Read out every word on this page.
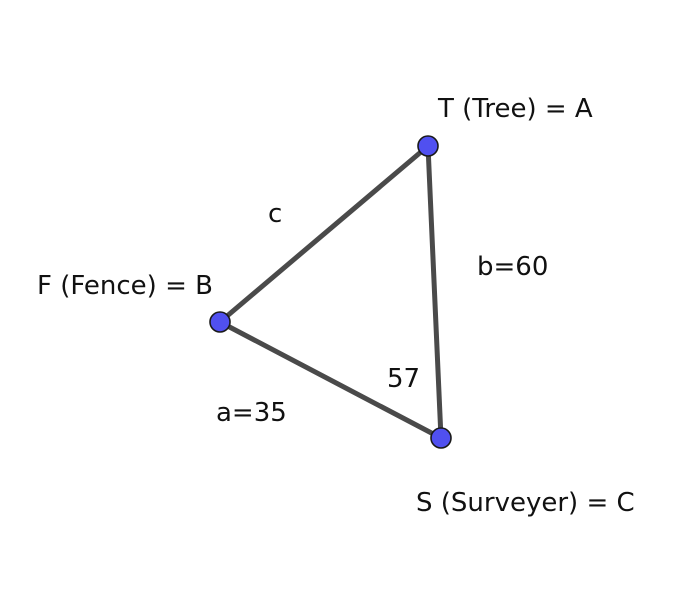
T (Tree) = A
F (Fence) = B
S (Surveyer) = C
c
b=60
a=35
57
